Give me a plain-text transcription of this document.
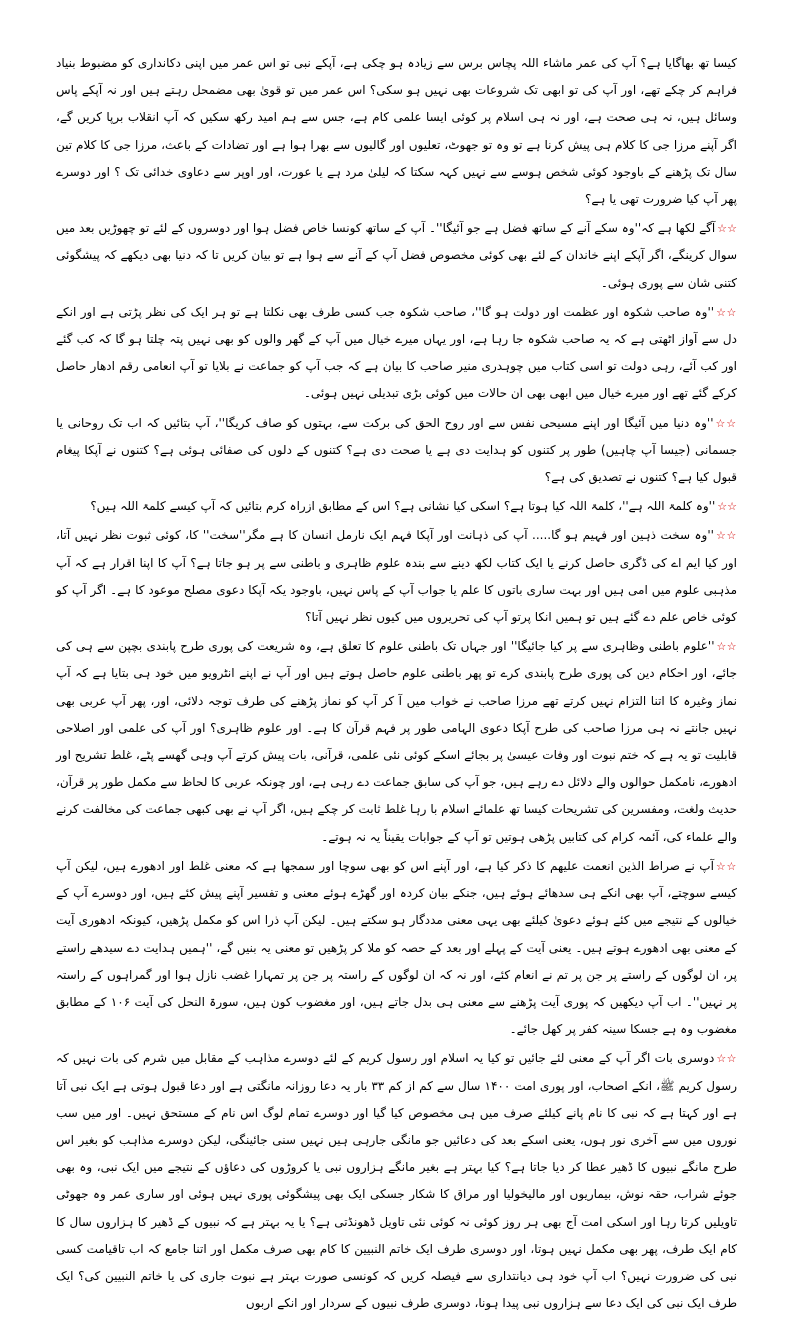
کیسا تھ بھاگایا ہے؟ آپ کی عمر ماشاء اللہ پچاس برس سے زیادہ ہو چکی ہے، آپکے نبی تو اس عمر میں اپنی دکانداری کو مضبوط بنیاد فراہم کر چکے تھے، اور آپ کی تو ابھی تک شروعات بھی نہیں ہو سکی؟ اس عمر میں تو قویٰ بھی مضمحل رہتے ہیں اور نہ آپکے پاس وسائل ہیں، نہ ہی صحت ہے، اور نہ ہی اسلام پر کوئی ایسا علمی کام ہے، جس سے ہم امید رکھ سکیں کہ آپ انقلاب برپا کریں گے، اگر آپنے مرزا جی کا کلام ہی پیش کرنا ہے تو وہ تو جھوٹ، تعلیوں اور گالیوں سے بھرا ہوا ہے اور تضادات کے باعث، مرزا جی کا کلام تین سال تک پڑھنے کے باوجود کوئی شخص ہوسے سے نہیں کہہ سکتا کہ لیلیٰ مرد ہے یا عورت، اور اوپر سے دعاوی خدائی تک ؟ اور دوسرے پھر آپ کیا ضرورت تھی یا ہے؟

☆☆آگے لکھا ہے کہ''وہ سکے آنے کے ساتھ فضل ہے جو آئیگا''۔ آپ کے ساتھ کونسا خاص فضل ہوا اور دوسروں کے لئے تو چھوڑیں بعد میں سوال کرینگے، اگر آپکے اپنے خاندان کے لئے بھی کوئی مخصوص فضل آپ کے آنے سے ہوا ہے تو بیان کریں تا کہ دنیا بھی دیکھے کہ پیشگوئی کتنی شان سے پوری ہوئی۔

☆☆''وہ صاحب شکوہ اور عظمت اور دولت ہو گا''، صاحب شکوہ جب کسی طرف بھی نکلتا ہے تو ہر ایک کی نظر پڑتی ہے اور انکے دل سے آواز اٹھتی ہے کہ یہ صاحب شکوہ جا رہا ہے، اور یہاں میرے خیال میں آپ کے گھر والوں کو بھی نہیں پتہ چلتا ہو گا کہ کب گئے اور کب آئے، رہی دولت تو اسی کتاب میں چوہدری منیر صاحب کا بیان ہے کہ جب آپ کو جماعت نے بلایا تو آپ انعامی رقم ادھار حاصل کرکے گئے تھے اور میرے خیال میں ابھی بھی ان حالات میں کوئی بڑی تبدیلی نہیں ہوئی۔

☆☆''وہ دنیا میں آئیگا اور اپنے مسیحی نفس سے اور روح الحق کی برکت سے، بہتوں کو صاف کریگا''، آپ بتائیں کہ اب تک روحانی یا جسمانی (جیسا آپ چاہیں) طور پر کتنوں کو ہدایت دی ہے یا صحت دی ہے؟ کتنوں کے دلوں کی صفائی ہوئی ہے؟ کتنوں نے آپکا پیغام قبول کیا ہے؟ کتنوں نے تصدیق کی ہے؟

☆☆''وہ کلمۃ اللہ ہے''، کلمۃ اللہ کیا ہوتا ہے؟ اسکی کیا نشانی ہے؟ اس کے مطابق ازراہ کرم بتائیں کہ آپ کیسے کلمۃ اللہ ہیں؟

☆☆''وہ سخت ذہین اور فہیم ہو گا..... آپ کی ذہانت اور آپکا فہم ایک نارمل انسان کا ہے مگر''سخت'' کا، کوئی ثبوت نظر نہیں آتا، اور کیا ایم اے کی ڈگری حاصل کرنے یا ایک کتاب لکھ دینے سے بندہ علوم ظاہری و باطنی سے پر ہو جاتا ہے؟ آپ کا اپنا اقرار ہے کہ آپ مذہبی علوم میں امی ہیں اور بہت ساری باتوں کا علم یا جواب آپ کے پاس نہیں، باوجود یکہ آپکا دعوی مصلح موعود کا ہے۔ اگر آپ کو کوئی خاص علم دے گئے ہیں تو ہمیں انکا پرتو آپ کی تحریروں میں کیوں نظر نہیں آتا؟

☆☆''علوم باطنی وظاہری سے پر کیا جائیگا'' اور جہاں تک باطنی علوم کا تعلق ہے، وہ شریعت کی پوری طرح پابندی بچپن سے ہی کی جائے، اور احکام دین کی پوری طرح پابندی کرے تو پھر باطنی علوم حاصل ہوتے ہیں اور آپ نے اپنے انٹرویو میں خود ہی بتایا ہے کہ آپ نماز وغیرہ کا اتنا التزام نہیں کرتے تھے مرزا صاحب نے خواب میں آ کر آپ کو نماز پڑھنے کی طرف توجہ دلائی، اور، پھر آپ عربی بھی نہیں جانتے نہ ہی مرزا صاحب کی طرح آپکا دعوی الہامی طور پر فہم قرآن کا ہے۔ اور علوم ظاہری؟ اور آپ کی علمی اور اصلاحی قابلیت تو یہ ہے کہ ختم نبوت اور وفات عیسیٰ پر بجائے اسکے کوئی نئی علمی، قرآنی، بات پیش کرتے آپ وہی گھسے پٹے، غلط تشریح اور ادھورے، نامکمل حوالوں والے دلائل دے رہے ہیں، جو آپ کی سابق جماعت دے رہی ہے، اور چونکہ عربی کا لحاظ سے مکمل طور پر قرآن، حدیث ولغت، ومفسرین کی تشریحات کیسا تھ علمائے اسلام با رہا غلط ثابت کر چکے ہیں، اگر آپ نے بھی کبھی جماعت کی مخالفت کرنے والے علماء کی، آئمہ کرام کی کتابیں پڑھی ہوتیں تو آپ کے جوابات یقیناً یہ نہ ہوتے۔

☆☆آپ نے صراط الذین انعمت علیھم کا ذکر کیا ہے، اور آپنے اس کو بھی سوچا اور سمجھا ہے کہ معنی غلط اور ادھورے ہیں، لیکن آپ کیسے سوچتے، آپ بھی انکے ہی سدھائے ہوئے ہیں، جنکے بیان کردہ اور گھڑے ہوئے معنی و تفسیر آپنے پیش کئے ہیں، اور دوسرے آپ کے خیالوں کے نتیجے میں کئے ہوئے دعویٰ کیلئے بھی یہی معنی مددگار ہو سکتے ہیں۔ لیکن آپ ذرا اس کو مکمل پڑھیں، کیونکہ ادھوری آیت کے معنی بھی ادھورے ہوتے ہیں۔ یعنی آیت کے پہلے اور بعد کے حصہ کو ملا کر پڑھیں تو معنی یہ بنیں گے، ''ہمیں ہدایت دے سیدھے راستے پر، ان لوگوں کے راستے پر جن پر تم نے انعام کئے، اور نہ کہ ان لوگوں کے راستہ پر جن پر تمہارا غضب نازل ہوا اور گمراہوں کے راستہ پر نہیں''۔ اب آپ دیکھیں کہ پوری آیت پڑھنے سے معنی ہی بدل جاتے ہیں، اور مغضوب کون ہیں، سورۃ النحل کی آیت ۱۰۶ کے مطابق مغضوب وہ ہے جسکا سینہ کفر پر کھل جائے۔

☆☆دوسری بات اگر آپ کے معنی لئے جائیں تو کیا یہ اسلام اور رسول کریم کے لئے دوسرے مذاہب کے مقابل میں شرم کی بات نہیں کہ رسول کریم ﷺ، انکے اصحاب، اور پوری امت ۱۴۰۰ سال سے کم از کم ۳۳ بار یہ دعا روزانہ مانگتی ہے اور دعا قبول ہوتی ہے ایک نبی آتا ہے اور کہتا ہے کہ نبی کا نام پانے کیلئے صرف میں ہی مخصوص کیا گیا اور دوسرے تمام لوگ اس نام کے مستحق نہیں۔ اور میں سب نوروں میں سے آخری نور ہوں، یعنی اسکے بعد کی دعائیں جو مانگی جارہی ہیں نہیں سنی جائینگی، لیکن دوسرے مذاہب کو بغیر اس طرح مانگے نبیوں کا ڈھیر عطا کر دیا جاتا ہے؟ کیا بہتر ہے بغیر مانگے ہزاروں نبی یا کروڑوں کی دعاؤں کے نتیجے میں ایک نبی، وہ بھی جوئے شراب، حقہ نوش، بیماریوں اور مالیخولیا اور مراق کا شکار جسکی ایک بھی پیشگوئی پوری نہیں ہوئی اور ساری عمر وہ جھوٹی تاویلیں کرتا رہا اور اسکی امت آج بھی ہر روز کوئی نہ کوئی نئی تاویل ڈھونڈتی ہے؟ یا یہ بہتر ہے کہ نبیوں کے ڈھیر کا ہزاروں سال کا کام ایک طرف، پھر بھی مکمل نہیں ہوتا، اور دوسری طرف ایک خاتم النبیین کا کام بھی صرف مکمل اور اتنا جامع کہ اب تاقیامت کسی نبی کی ضرورت نہیں؟ اب آپ خود ہی دیانتداری سے فیصلہ کریں کہ کونسی صورت بہتر ہے نبوت جاری کی یا خاتم النبیین کی؟ ایک طرف ایک نبی کی ایک دعا سے ہزاروں نبی پیدا ہونا، دوسری طرف نبیوں کے سردار اور انکے اربوں
